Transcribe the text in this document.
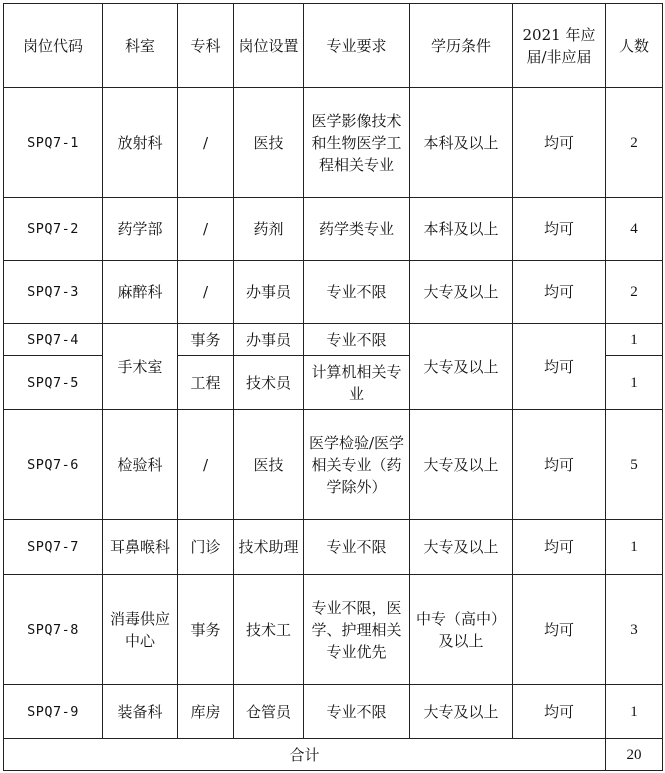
岗位代码	科室	专科	岗位设置	专业要求	学历条件	2021 年应届/非应届	人数
SPQ7-1	放射科	/	医技	医学影像技术和生物医学工程相关专业	本科及以上	均可	2
SPQ7-2	药学部	/	药剂	药学类专业	本科及以上	均可	4
SPQ7-3	麻醉科	/	办事员	专业不限	大专及以上	均可	2
SPQ7-4	手术室	事务	办事员	专业不限	大专及以上	均可	1
SPQ7-5		工程	技术员	计算机相关专业			1
SPQ7-6	检验科	/	医技	医学检验/医学相关专业（药学除外）	大专及以上	均可	5
SPQ7-7	耳鼻喉科	门诊	技术助理	专业不限	大专及以上	均可	1
SPQ7-8	消毒供应中心	事务	技术工	专业不限，医学、护理相关专业优先	中专（高中）及以上	均可	3
SPQ7-9	装备科	库房	仓管员	专业不限	大专及以上	均可	1
合计							20
